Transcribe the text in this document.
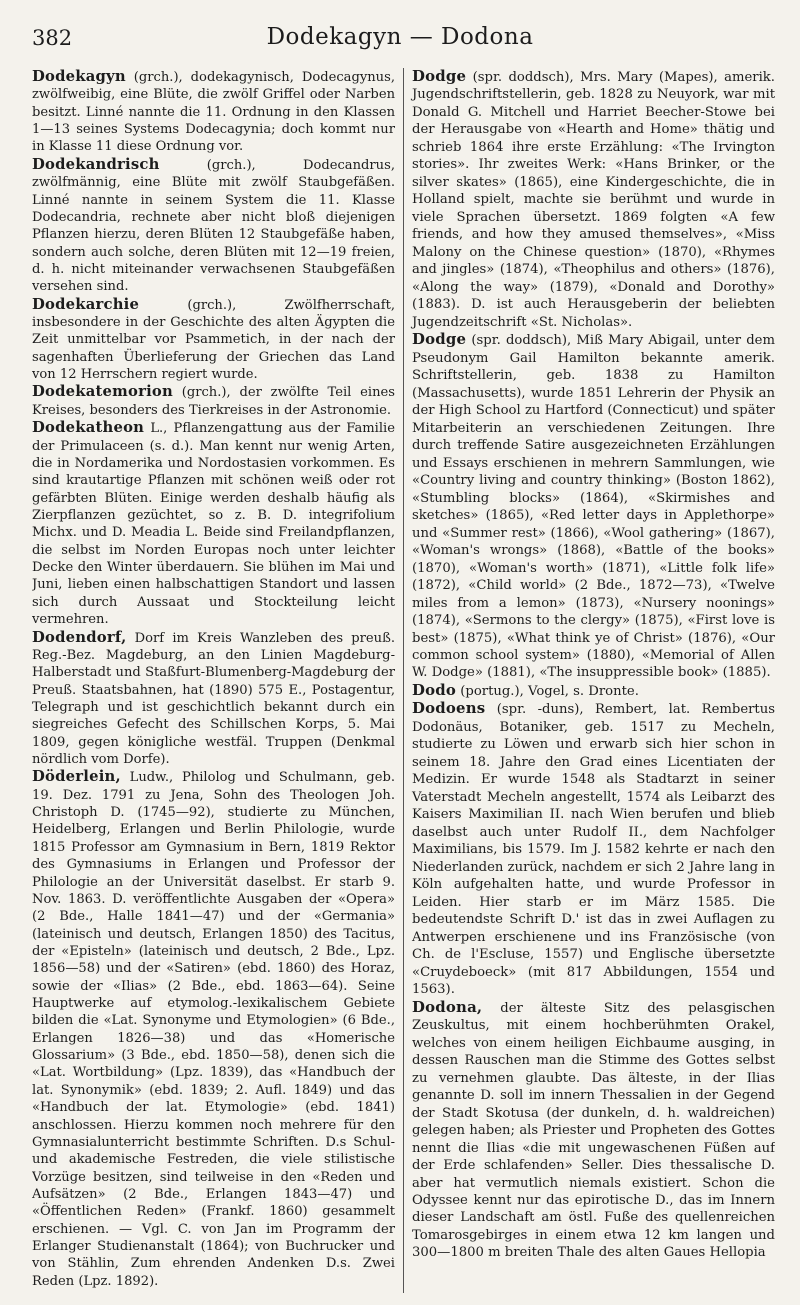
382	Dodekagyn — Dodona

Dodekagyn (grch.), dodekagynisch, Dodecagynus, zwölfweibig, eine Blüte, die zwölf Griffel oder Narben besitzt. Linné nannte die 11. Ordnung in den Klassen 1—13 seines Systems Dodecagynia; doch kommt nur in Klasse 11 diese Ordnung vor.

Dodekandrisch (grch.), Dodecandrus, zwölfmännig, eine Blüte mit zwölf Staubgefäßen. Linné nannte in seinem System die 11. Klasse Dodecandria, rechnete aber nicht bloß diejenigen Pflanzen hierzu, deren Blüten 12 Staubgefäße haben, sondern auch solche, deren Blüten mit 12—19 freien, d. h. nicht miteinander verwachsenen Staubgefäßen versehen sind.

Dodekarchie (grch.), Zwölfherrschaft, insbesondere in der Geschichte des alten Ägypten die Zeit unmittelbar vor Psammetich, in der nach der sagenhaften Überlieferung der Griechen das Land von 12 Herrschern regiert wurde.

Dodekatemorion (grch.), der zwölfte Teil eines Kreises, besonders des Tierkreises in der Astronomie.

Dodekatheon L., Pflanzengattung aus der Familie der Primulaceen (s. d.). Man kennt nur wenig Arten, die in Nordamerika und Nordostasien vorkommen. Es sind krautartige Pflanzen mit schönen weiß oder rot gefärbten Blüten. Einige werden deshalb häufig als Zierpflanzen gezüchtet, so z. B. D. integrifolium Michx. und D. Meadia L. Beide sind Freilandpflanzen, die selbst im Norden Europas noch unter leichter Decke den Winter überdauern. Sie blühen im Mai und Juni, lieben einen halbschattigen Standort und lassen sich durch Aussaat und Stockteilung leicht vermehren.

Dodendorf, Dorf im Kreis Wanzleben des preuß. Reg.-Bez. Magdeburg, an den Linien Magdeburg-Halberstadt und Staßfurt-Blumenberg-Magdeburg der Preuß. Staatsbahnen, hat (1890) 575 E., Postagentur, Telegraph und ist geschichtlich bekannt durch ein siegreiches Gefecht des Schillschen Korps, 5. Mai 1809, gegen königliche westfäl. Truppen (Denkmal nördlich vom Dorfe).

Döderlein, Ludw., Philolog und Schulmann, geb. 19. Dez. 1791 zu Jena, Sohn des Theologen Joh. Christoph D. (1745—92), studierte zu München, Heidelberg, Erlangen und Berlin Philologie, wurde 1815 Professor am Gymnasium in Bern, 1819 Rektor des Gymnasiums in Erlangen und Professor der Philologie an der Universität daselbst. Er starb 9. Nov. 1863. D. veröffentlichte Ausgaben der «Opera» (2 Bde., Halle 1841—47) und der «Germania» (lateinisch und deutsch, Erlangen 1850) des Tacitus, der «Episteln» (lateinisch und deutsch, 2 Bde., Lpz. 1856—58) und der «Satiren» (ebd. 1860) des Horaz, sowie der «Ilias» (2 Bde., ebd. 1863—64). Seine Hauptwerke auf etymolog.-lexikalischem Gebiete bilden die «Lat. Synonyme und Etymologien» (6 Bde., Erlangen 1826—38) und das «Homerische Glossarium» (3 Bde., ebd. 1850—58), denen sich die «Lat. Wortbildung» (Lpz. 1839), das «Handbuch der lat. Synonymik» (ebd. 1839; 2. Aufl. 1849) und das «Handbuch der lat. Etymologie» (ebd. 1841) anschlossen. Hierzu kommen noch mehrere für den Gymnasialunterricht bestimmte Schriften. D.s Schul- und akademische Festreden, die viele stilistische Vorzüge besitzen, sind teilweise in den «Reden und Aufsätzen» (2 Bde., Erlangen 1843—47) und «Öffentlichen Reden» (Frankf. 1860) gesammelt erschienen. — Vgl. C. von Jan im Programm der Erlanger Studienanstalt (1864); von Buchrucker und von Stählin, Zum ehrenden Andenken D.s. Zwei Reden (Lpz. 1892).

Dodge (spr. doddsch), Mrs. Mary (Mapes), amerik. Jugendschriftstellerin, geb. 1828 zu Neuyork, war mit Donald G. Mitchell und Harriet Beecher-Stowe bei der Herausgabe von «Hearth and Home» thätig und schrieb 1864 ihre erste Erzählung: «The Irvington stories». Ihr zweites Werk: «Hans Brinker, or the silver skates» (1865), eine Kindergeschichte, die in Holland spielt, machte sie berühmt und wurde in viele Sprachen übersetzt. 1869 folgten «A few friends, and how they amused themselves», «Miss Malony on the Chinese question» (1870), «Rhymes and jingles» (1874), «Theophilus and others» (1876), «Along the way» (1879), «Donald and Dorothy» (1883). D. ist auch Herausgeberin der beliebten Jugendzeitschrift «St. Nicholas».

Dodge (spr. doddsch), Miß Mary Abigail, unter dem Pseudonym Gail Hamilton bekannte amerik. Schriftstellerin, geb. 1838 zu Hamilton (Massachusetts), wurde 1851 Lehrerin der Physik an der High School zu Hartford (Connecticut) und später Mitarbeiterin an verschiedenen Zeitungen. Ihre durch treffende Satire ausgezeichneten Erzählungen und Essays erschienen in mehrern Sammlungen, wie «Country living and country thinking» (Boston 1862), «Stumbling blocks» (1864), «Skirmishes and sketches» (1865), «Red letter days in Applethorpe» und «Summer rest» (1866), «Wool gathering» (1867), «Woman's wrongs» (1868), «Battle of the books» (1870), «Woman's worth» (1871), «Little folk life» (1872), «Child world» (2 Bde., 1872—73), «Twelve miles from a lemon» (1873), «Nursery noonings» (1874), «Sermons to the clergy» (1875), «First love is best» (1875), «What think ye of Christ» (1876), «Our common school system» (1880), «Memorial of Allen W. Dodge» (1881), «The insuppressible book» (1885).

Dodo (portug.), Vogel, s. Dronte.

Dodoens (spr. -duns), Rembert, lat. Rembertus Dodonäus, Botaniker, geb. 1517 zu Mecheln, studierte zu Löwen und erwarb sich hier schon in seinem 18. Jahre den Grad eines Licentiaten der Medizin. Er wurde 1548 als Stadtarzt in seiner Vaterstadt Mecheln angestellt, 1574 als Leibarzt des Kaisers Maximilian II. nach Wien berufen und blieb daselbst auch unter Rudolf II., dem Nachfolger Maximilians, bis 1579. Im J. 1582 kehrte er nach den Niederlanden zurück, nachdem er sich 2 Jahre lang in Köln aufgehalten hatte, und wurde Professor in Leiden. Hier starb er im März 1585. Die bedeutendste Schrift D.' ist das in zwei Auflagen zu Antwerpen erschienene und ins Französische (von Ch. de l'Escluse, 1557) und Englische übersetzte «Cruydeboeck» (mit 817 Abbildungen, 1554 und 1563).

Dodona, der älteste Sitz des pelasgischen Zeuskultus, mit einem hochberühmten Orakel, welches von einem heiligen Eichbaume ausging, in dessen Rauschen man die Stimme des Gottes selbst zu vernehmen glaubte. Das älteste, in der Ilias genannte D. soll im innern Thessalien in der Gegend der Stadt Skotusa (der dunkeln, d. h. waldreichen) gelegen haben; als Priester und Propheten des Gottes nennt die Ilias «die mit ungewaschenen Füßen auf der Erde schlafenden» Seller. Dies thessalische D. aber hat vermutlich niemals existiert. Schon die Odyssee kennt nur das epirotische D., das im Innern dieser Landschaft am östl. Fuße des quellenreichen Tomarosgebirges in einem etwa 12 km langen und 300—1800 m breiten Thale des alten Gaues Hellopia
